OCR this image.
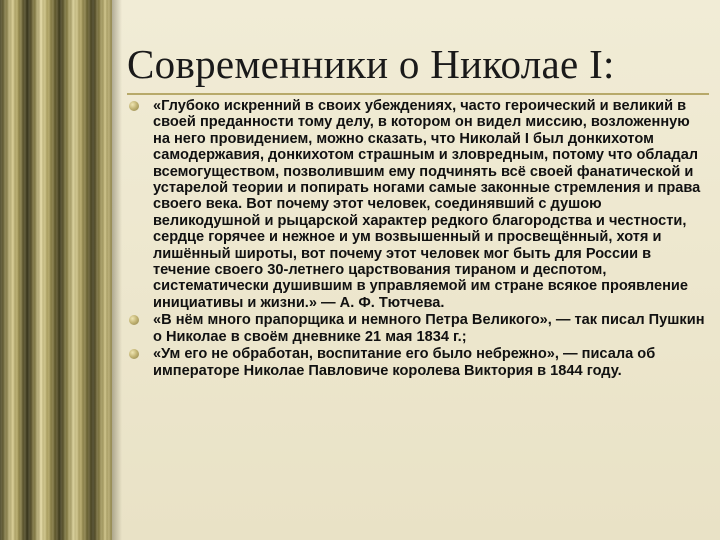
Современники о Николае I:
«Глубоко искренний в своих убеждениях, часто героический и великий в своей преданности тому делу, в котором он видел миссию, возложенную на него провидением, можно сказать, что Николай I был донкихотом самодержавия, донкихотом страшным и зловредным, потому что обладал всемогуществом, позволившим ему подчинять всё своей фанатической и устарелой теории и попирать ногами самые законные стремления и права своего века. Вот почему этот человек, соединявший с душою великодушной и рыцарской характер редкого благородства и честности, сердце горячее и нежное и ум возвышенный и просвещённый, хотя и лишённый широты, вот почему этот человек мог быть для России в течение своего 30-летнего царствования тираном и деспотом, систематически душившим в управляемой им стране всякое проявление инициативы и жизни.» — А. Ф. Тютчева.
«В нём много прапорщика и немного Петра Великого», — так писал Пушкин о Николае в своём дневнике 21 мая 1834 г.;
«Ум его не обработан, воспитание его было небрежно», — писала об императоре Николае Павловиче королева Виктория в 1844 году.
